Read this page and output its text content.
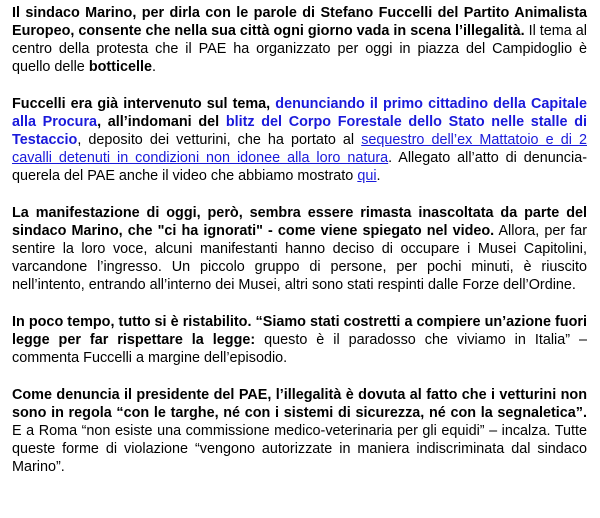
Il sindaco Marino, per dirla con le parole di Stefano Fuccelli del Partito Animalista Europeo, consente che nella sua città ogni giorno vada in scena l’illegalità. Il tema al centro della protesta che il PAE ha organizzato per oggi in piazza del Campidoglio è quello delle botticelle.

Fuccelli era già intervenuto sul tema, denunciando il primo cittadino della Capitale alla Procura, all’indomani del blitz del Corpo Forestale dello Stato nelle stalle di Testaccio, deposito dei vetturini, che ha portato al sequestro dell’ex Mattatoio e di 2 cavalli detenuti in condizioni non idonee alla loro natura. Allegato all’atto di denuncia-querela del PAE anche il video che abbiamo mostrato qui.

La manifestazione di oggi, però, sembra essere rimasta inascoltata da parte del sindaco Marino, che "ci ha ignorati" - come viene spiegato nel video. Allora, per far sentire la loro voce, alcuni manifestanti hanno deciso di occupare i Musei Capitolini, varcandone l’ingresso. Un piccolo gruppo di persone, per pochi minuti, è riuscito nell’intento, entrando all’interno dei Musei, altri sono stati respinti dalle Forze dell’Ordine.

In poco tempo, tutto si è ristabilito. “Siamo stati costretti a compiere un’azione fuori legge per far rispettare la legge: questo è il paradosso che viviamo in Italia” – commenta Fuccelli a margine dell’episodio.

Come denuncia il presidente del PAE, l’illegalità è dovuta al fatto che i vetturini non sono in regola “con le targhe, né con i sistemi di sicurezza, né con la segnaletica”. E a Roma “non esiste una commissione medico-veterinaria per gli equidi” – incalza. Tutte queste forme di violazione “vengono autorizzate in maniera indiscriminata dal sindaco Marino”.
